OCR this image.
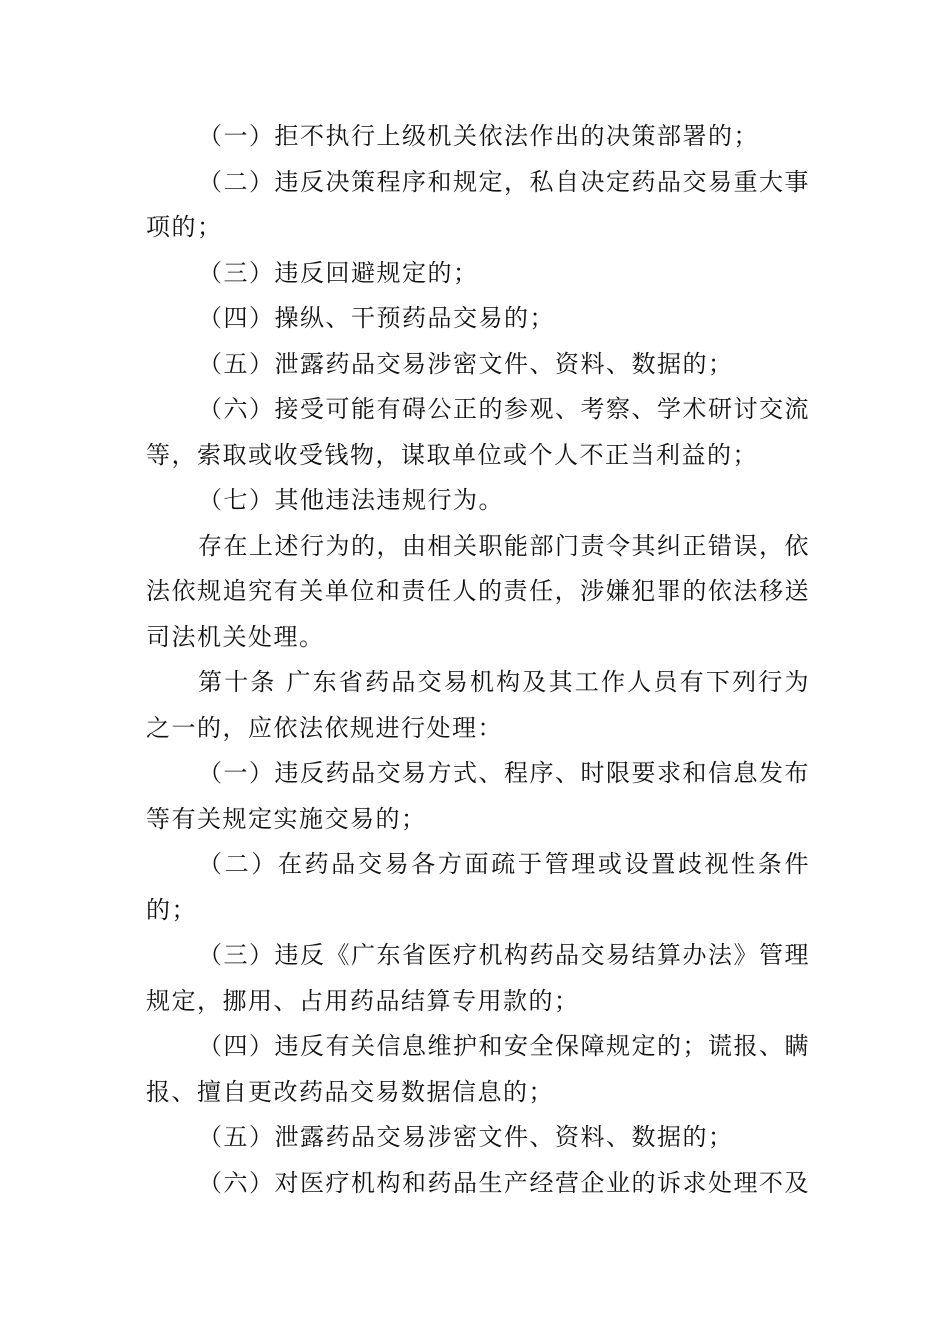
（一）拒不执行上级机关依法作出的决策部署的；

（二）违反决策程序和规定，私自决定药品交易重大事项的；

（三）违反回避规定的；

（四）操纵、干预药品交易的；

（五）泄露药品交易涉密文件、资料、数据的；

（六）接受可能有碍公正的参观、考察、学术研讨交流等，索取或收受钱物，谋取单位或个人不正当利益的；

（七）其他违法违规行为。

存在上述行为的，由相关职能部门责令其纠正错误，依法依规追究有关单位和责任人的责任，涉嫌犯罪的依法移送司法机关处理。

第十条 广东省药品交易机构及其工作人员有下列行为之一的，应依法依规进行处理：

（一）违反药品交易方式、程序、时限要求和信息发布等有关规定实施交易的；

（二）在药品交易各方面疏于管理或设置歧视性条件的；

（三）违反《广东省医疗机构药品交易结算办法》管理规定，挪用、占用药品结算专用款的；

（四）违反有关信息维护和安全保障规定的；谎报、瞒报、擅自更改药品交易数据信息的；

（五）泄露药品交易涉密文件、资料、数据的；

（六）对医疗机构和药品生产经营企业的诉求处理不及
